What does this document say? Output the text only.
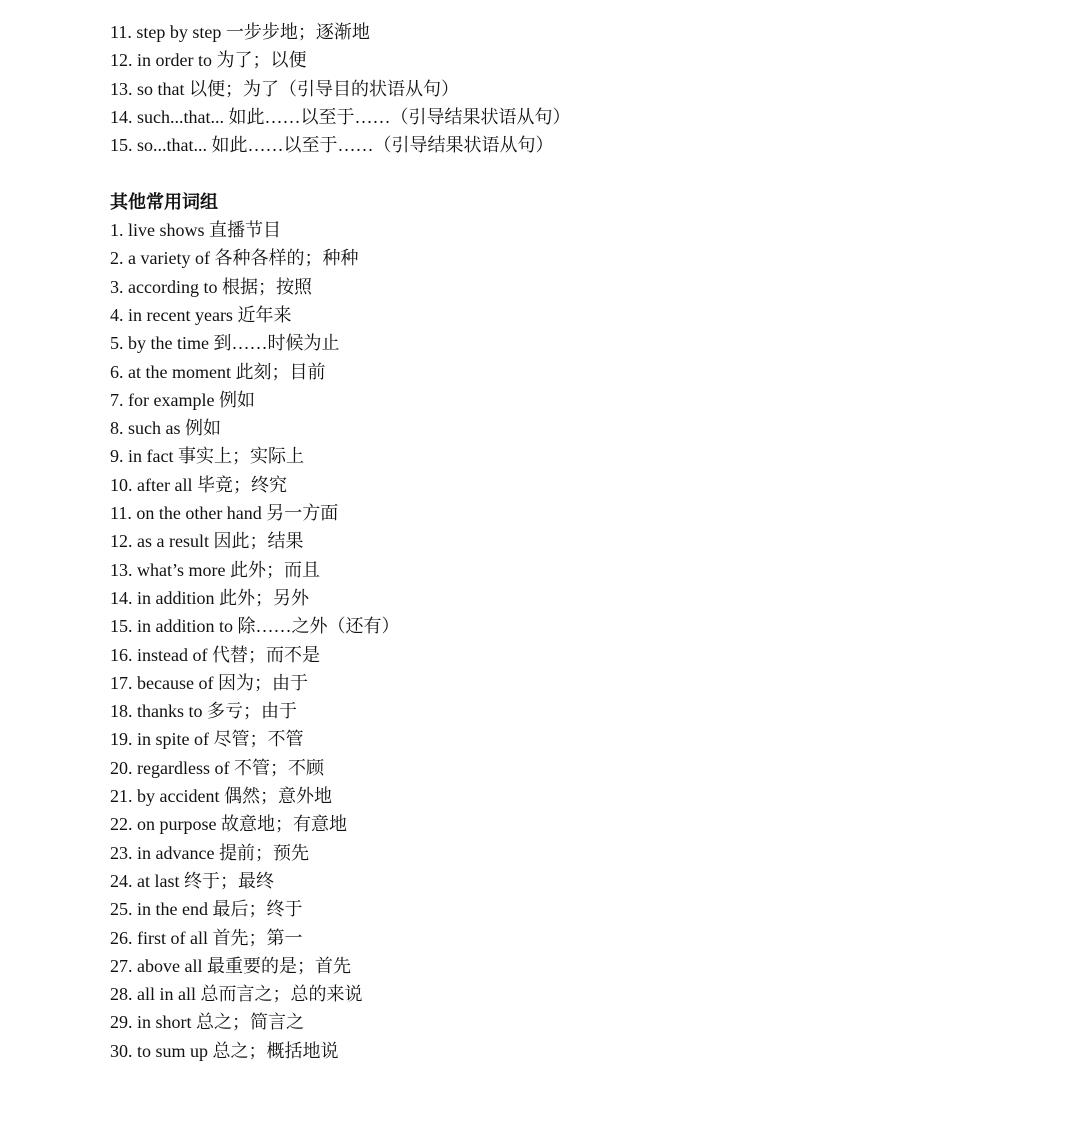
11. step by step 一步步地；逐渐地
12. in order to 为了；以便
13. so that 以便；为了（引导目的状语从句）
14. such...that... 如此……以至于……（引导结果状语从句）
15. so...that... 如此……以至于……（引导结果状语从句）
其他常用词组
1. live shows 直播节目
2. a variety of 各种各样的；种种
3. according to 根据；按照
4. in recent years 近年来
5. by the time 到……时候为止
6. at the moment 此刻；目前
7. for example 例如
8. such as 例如
9. in fact 事实上；实际上
10. after all 毕竟；终究
11. on the other hand 另一方面
12. as a result 因此；结果
13. what’s more 此外；而且
14. in addition 此外；另外
15. in addition to 除……之外（还有）
16. instead of 代替；而不是
17. because of 因为；由于
18. thanks to 多亏；由于
19. in spite of 尽管；不管
20. regardless of 不管；不顾
21. by accident 偶然；意外地
22. on purpose 故意地；有意地
23. in advance 提前；预先
24. at last 终于；最终
25. in the end 最后；终于
26. first of all 首先；第一
27. above all 最重要的是；首先
28. all in all 总而言之；总的来说
29. in short 总之；简言之
30. to sum up 总之；概括地说
